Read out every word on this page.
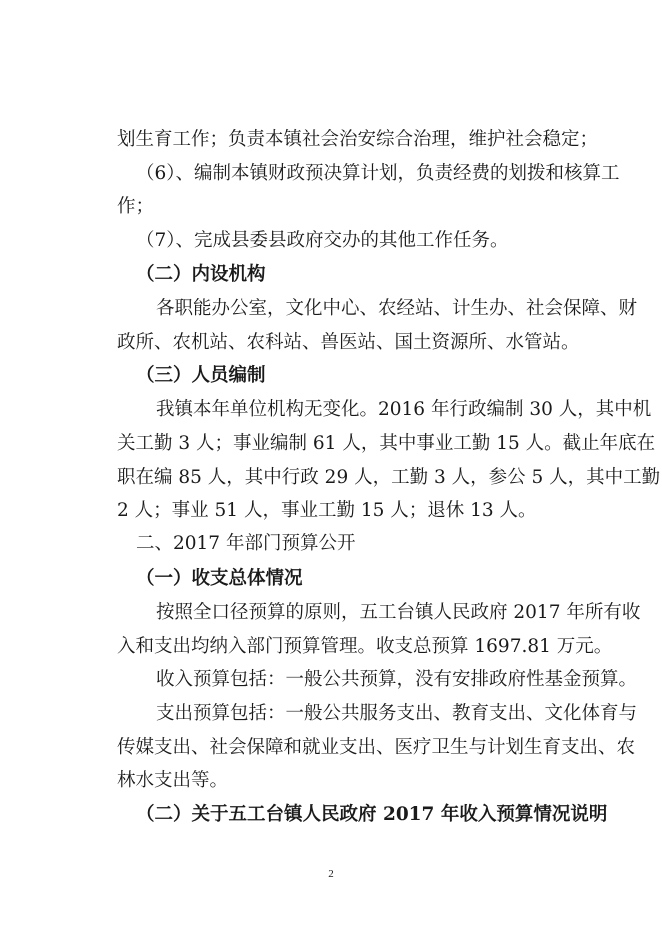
划生育工作；负责本镇社会治安综合治理，维护社会稳定；
（6）、编制本镇财政预决算计划，负责经费的划拨和核算工
作；
（7）、完成县委县政府交办的其他工作任务。
（二）内设机构
各职能办公室，文化中心、农经站、计生办、社会保障、财
政所、农机站、农科站、兽医站、国土资源所、水管站。
（三）人员编制
我镇本年单位机构无变化。2016 年行政编制 30 人，其中机
关工勤 3 人；事业编制 61 人，其中事业工勤 15 人。截止年底在
职在编 85 人，其中行政 29 人，工勤 3 人，参公 5 人，其中工勤
2 人；事业 51 人，事业工勤 15 人；退休 13 人。
二、2017 年部门预算公开
（一）收支总体情况
按照全口径预算的原则，五工台镇人民政府 2017 年所有收
入和支出均纳入部门预算管理。收支总预算 1697.81 万元。
收入预算包括：一般公共预算，没有安排政府性基金预算。
支出预算包括：一般公共服务支出、教育支出、文化体育与
传媒支出、社会保障和就业支出、医疗卫生与计划生育支出、农
林水支出等。
（二）关于五工台镇人民政府 2017 年收入预算情况说明
2
